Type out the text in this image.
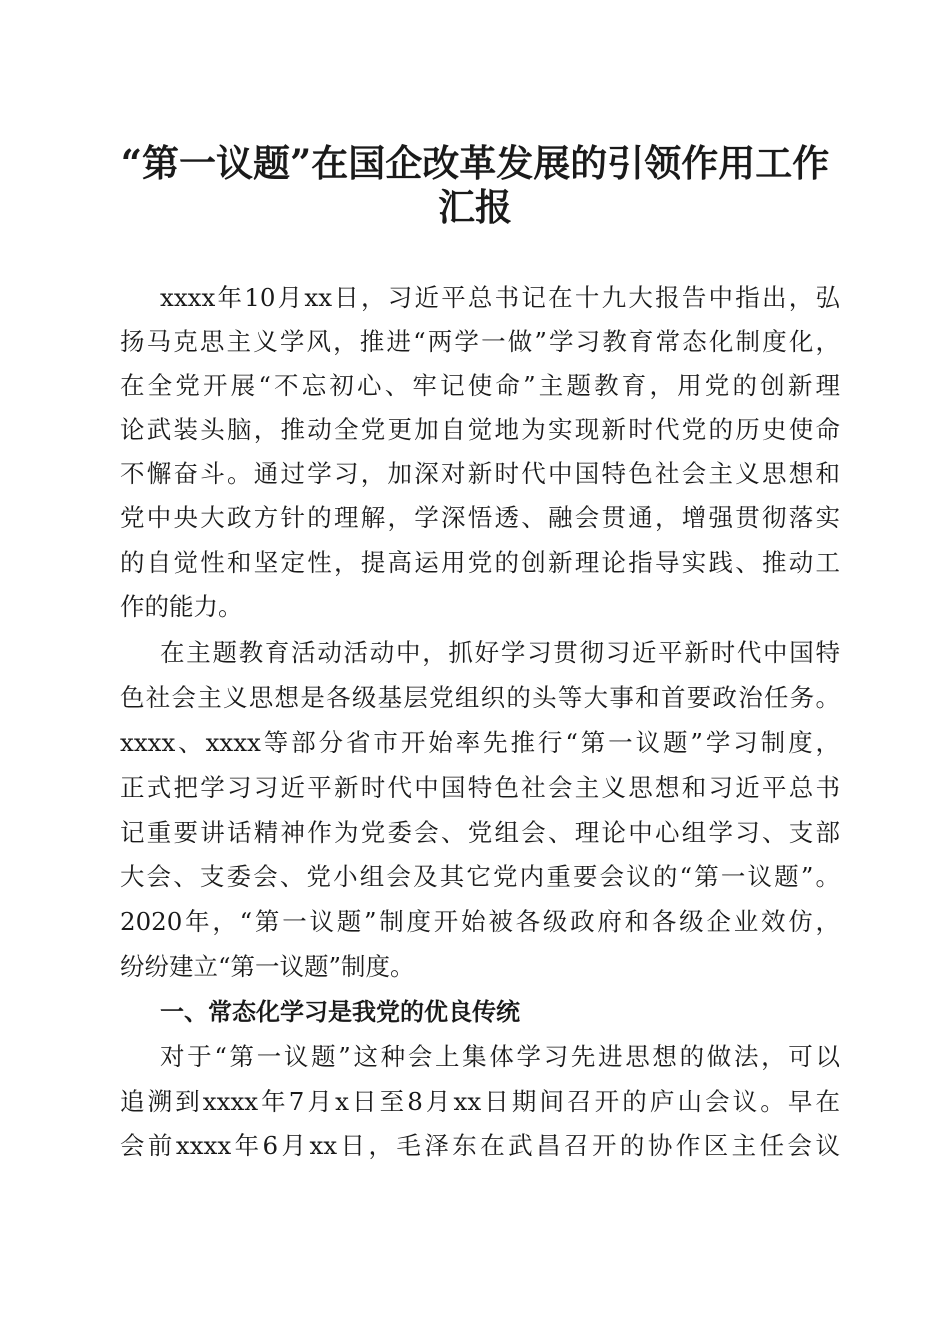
“第一议题”在国企改革发展的引领作用工作
汇报
xxxx年10月xx日，习近平总书记在十九大报告中指出，弘
扬马克思主义学风，推进“两学一做”学习教育常态化制度化，
在全党开展“不忘初心、牢记使命”主题教育，用党的创新理
论武装头脑，推动全党更加自觉地为实现新时代党的历史使命
不懈奋斗。通过学习，加深对新时代中国特色社会主义思想和
党中央大政方针的理解，学深悟透、融会贯通，增强贯彻落实
的自觉性和坚定性，提高运用党的创新理论指导实践、推动工
作的能力。
在主题教育活动活动中，抓好学习贯彻习近平新时代中国特
色社会主义思想是各级基层党组织的头等大事和首要政治任务。
xxxx、xxxx等部分省市开始率先推行“第一议题”学习制度，
正式把学习习近平新时代中国特色社会主义思想和习近平总书
记重要讲话精神作为党委会、党组会、理论中心组学习、支部
大会、支委会、党小组会及其它党内重要会议的“第一议题”。
2020年，“第一议题”制度开始被各级政府和各级企业效仿，
纷纷建立“第一议题”制度。
一、常态化学习是我党的优良传统
对于“第一议题”这种会上集体学习先进思想的做法，可以
追溯到xxxx年7月x日至8月xx日期间召开的庐山会议。早在
会前xxxx年6月xx日，毛泽东在武昌召开的协作区主任会议
